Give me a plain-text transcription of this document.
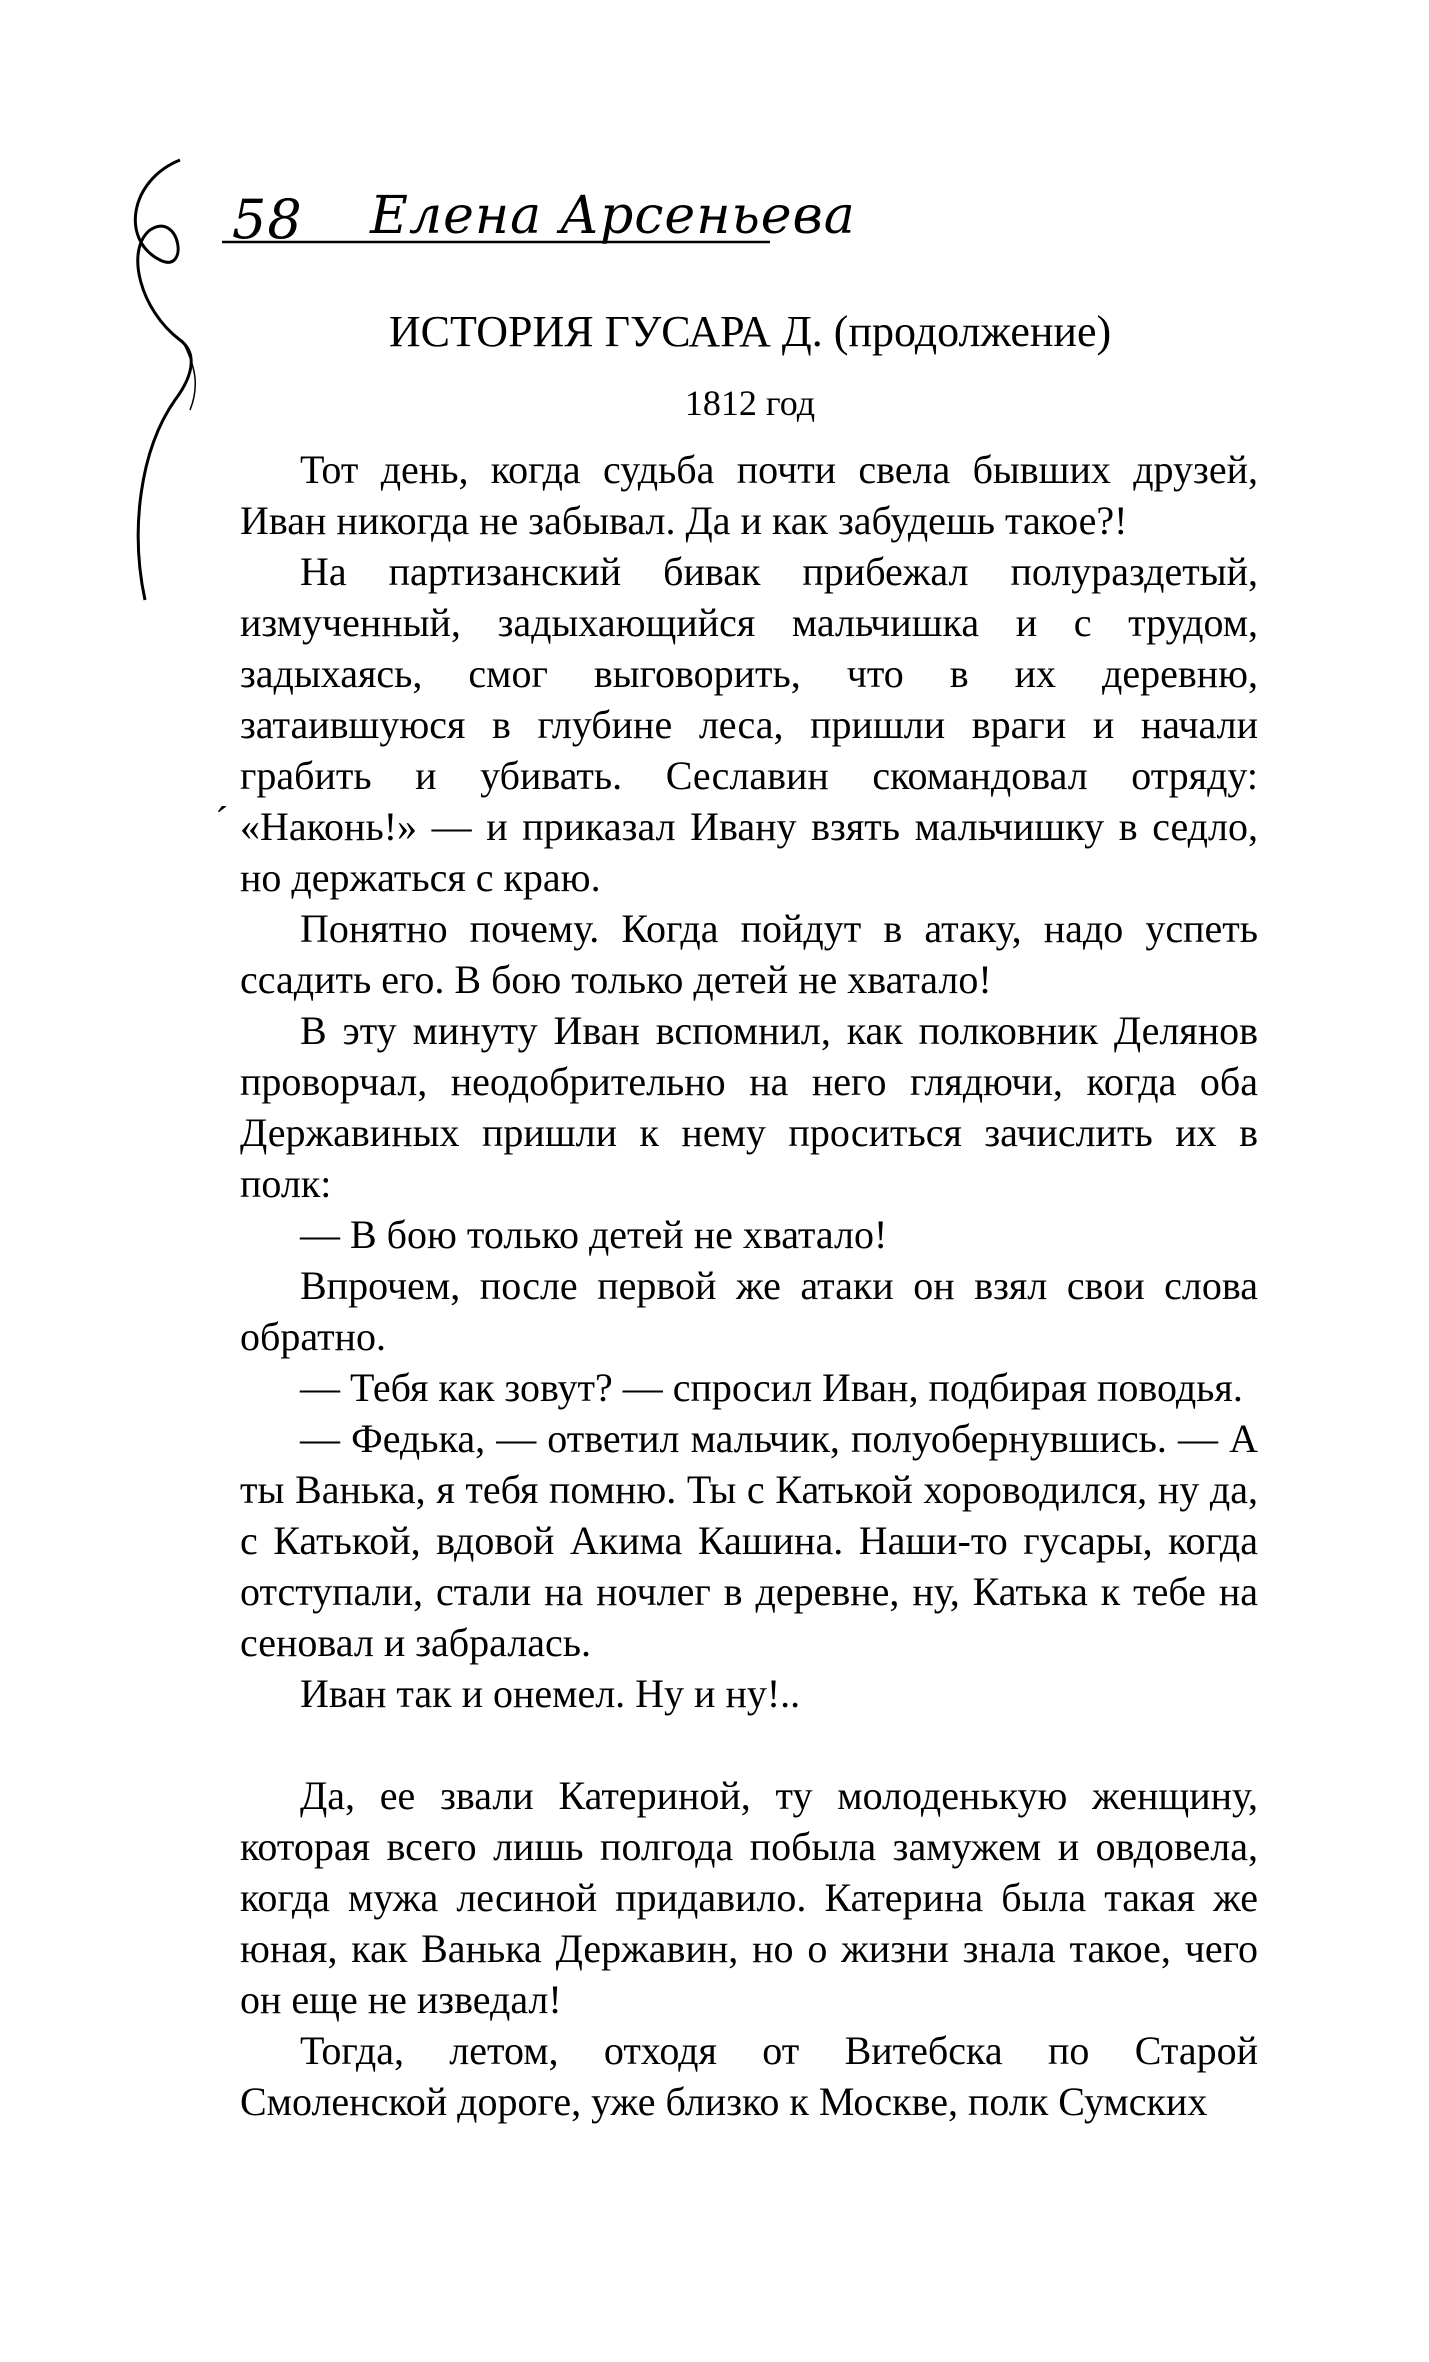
58 Елена Арсеньева
ИСТОРИЯ ГУСАРА Д. (продолжение)
1812 год
´

Тот день, когда судьба почти свела бывших друзей, Иван никогда не забывал. Да и как забудешь такое?!

На партизанский бивак прибежал полураздетый, измученный, задыхающийся мальчишка и с трудом, задыхаясь, смог выговорить, что в их деревню, затаившуюся в глубине леса, пришли враги и начали грабить и убивать. Сеславин скомандовал отряду: «Наконь!» — и приказал Ивану взять мальчишку в седло, но держаться с краю.

Понятно почему. Когда пойдут в атаку, надо успеть ссадить его. В бою только детей не хватало!

В эту минуту Иван вспомнил, как полковник Делянов проворчал, неодобрительно на него глядючи, когда оба Державиных пришли к нему проситься зачислить их в полк:

— В бою только детей не хватало!

Впрочем, после первой же атаки он взял свои слова обратно.

— Тебя как зовут? — спросил Иван, подбирая поводья.

— Федька, — ответил мальчик, полуобернувшись. — А ты Ванька, я тебя помню. Ты с Катькой хороводился, ну да, с Катькой, вдовой Акима Кашина. Наши-то гусары, когда отступали, стали на ночлег в деревне, ну, Катька к тебе на сеновал и забралась.

Иван так и онемел. Ну и ну!..

Да, ее звали Катериной, ту молоденькую женщину, которая всего лишь полгода побыла замужем и овдовела, когда мужа лесиной придавило. Катерина была такая же юная, как Ванька Державин, но о жизни знала такое, чего он еще не изведал!

Тогда, летом, отходя от Витебска по Старой Смоленской дороге, уже близко к Москве, полк Сумских
